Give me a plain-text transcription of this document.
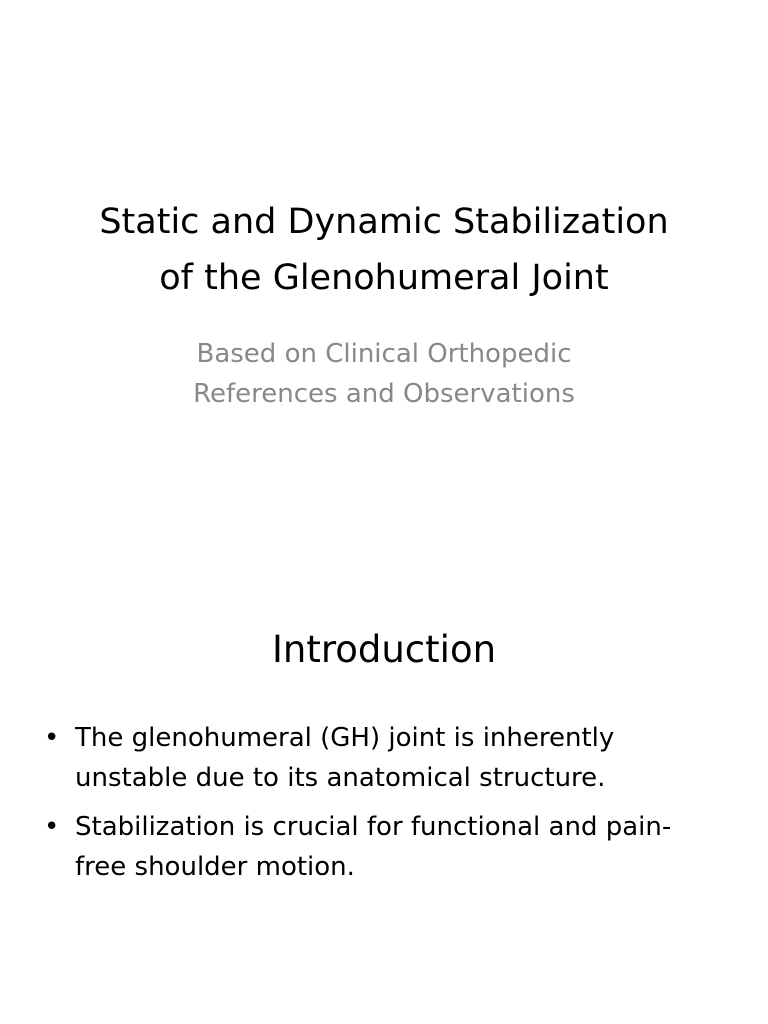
Static and Dynamic Stabilization
of the Glenohumeral Joint

Based on Clinical Orthopedic
References and Observations

Introduction
• The glenohumeral (GH) joint is inherently
unstable due to its anatomical structure.
• Stabilization is crucial for functional and pain-
free shoulder motion.
